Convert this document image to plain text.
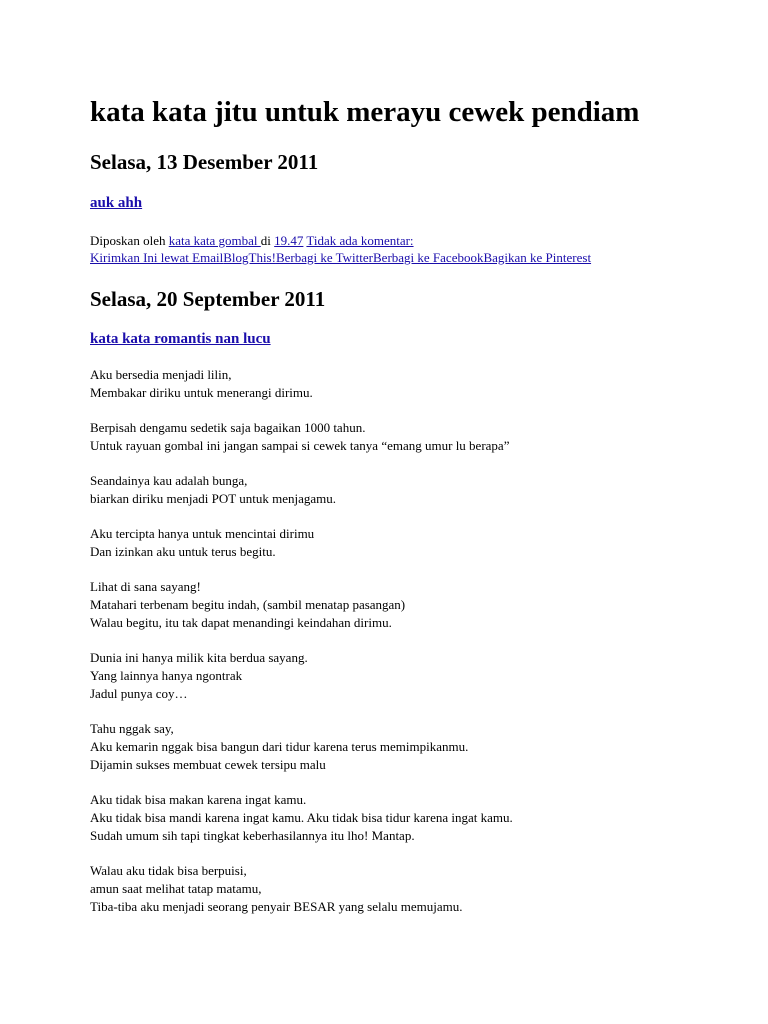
kata kata jitu untuk merayu cewek pendiam
Selasa, 13 Desember 2011
auk ahh
Diposkan oleh kata kata gombal di 19.47 Tidak ada komentar:
Kirimkan Ini lewat EmailBlogThis!Berbagi ke TwitterBerbagi ke FacebookBagikan ke Pinterest
Selasa, 20 September 2011
kata kata romantis nan lucu

Aku bersedia menjadi lilin,
Membakar diriku untuk menerangi dirimu.

Berpisah dengamu sedetik saja bagaikan 1000 tahun.
Untuk rayuan gombal ini jangan sampai si cewek tanya “emang umur lu berapa”

Seandainya kau adalah bunga,
biarkan diriku menjadi POT untuk menjagamu.

Aku tercipta hanya untuk mencintai dirimu
Dan izinkan aku untuk terus begitu.

Lihat di sana sayang!
Matahari terbenam begitu indah, (sambil menatap pasangan)
Walau begitu, itu tak dapat menandingi keindahan dirimu.

Dunia ini hanya milik kita berdua sayang.
Yang lainnya hanya ngontrak
Jadul punya coy…

Tahu nggak say,
Aku kemarin nggak bisa bangun dari tidur karena terus memimpikanmu.
Dijamin sukses membuat cewek tersipu malu

Aku tidak bisa makan karena ingat kamu.
Aku tidak bisa mandi karena ingat kamu. Aku tidak bisa tidur karena ingat kamu.
Sudah umum sih tapi tingkat keberhasilannya itu lho! Mantap.

Walau aku tidak bisa berpuisi,
amun saat melihat tatap matamu,
Tiba-tiba aku menjadi seorang penyair BESAR yang selalu memujamu.
